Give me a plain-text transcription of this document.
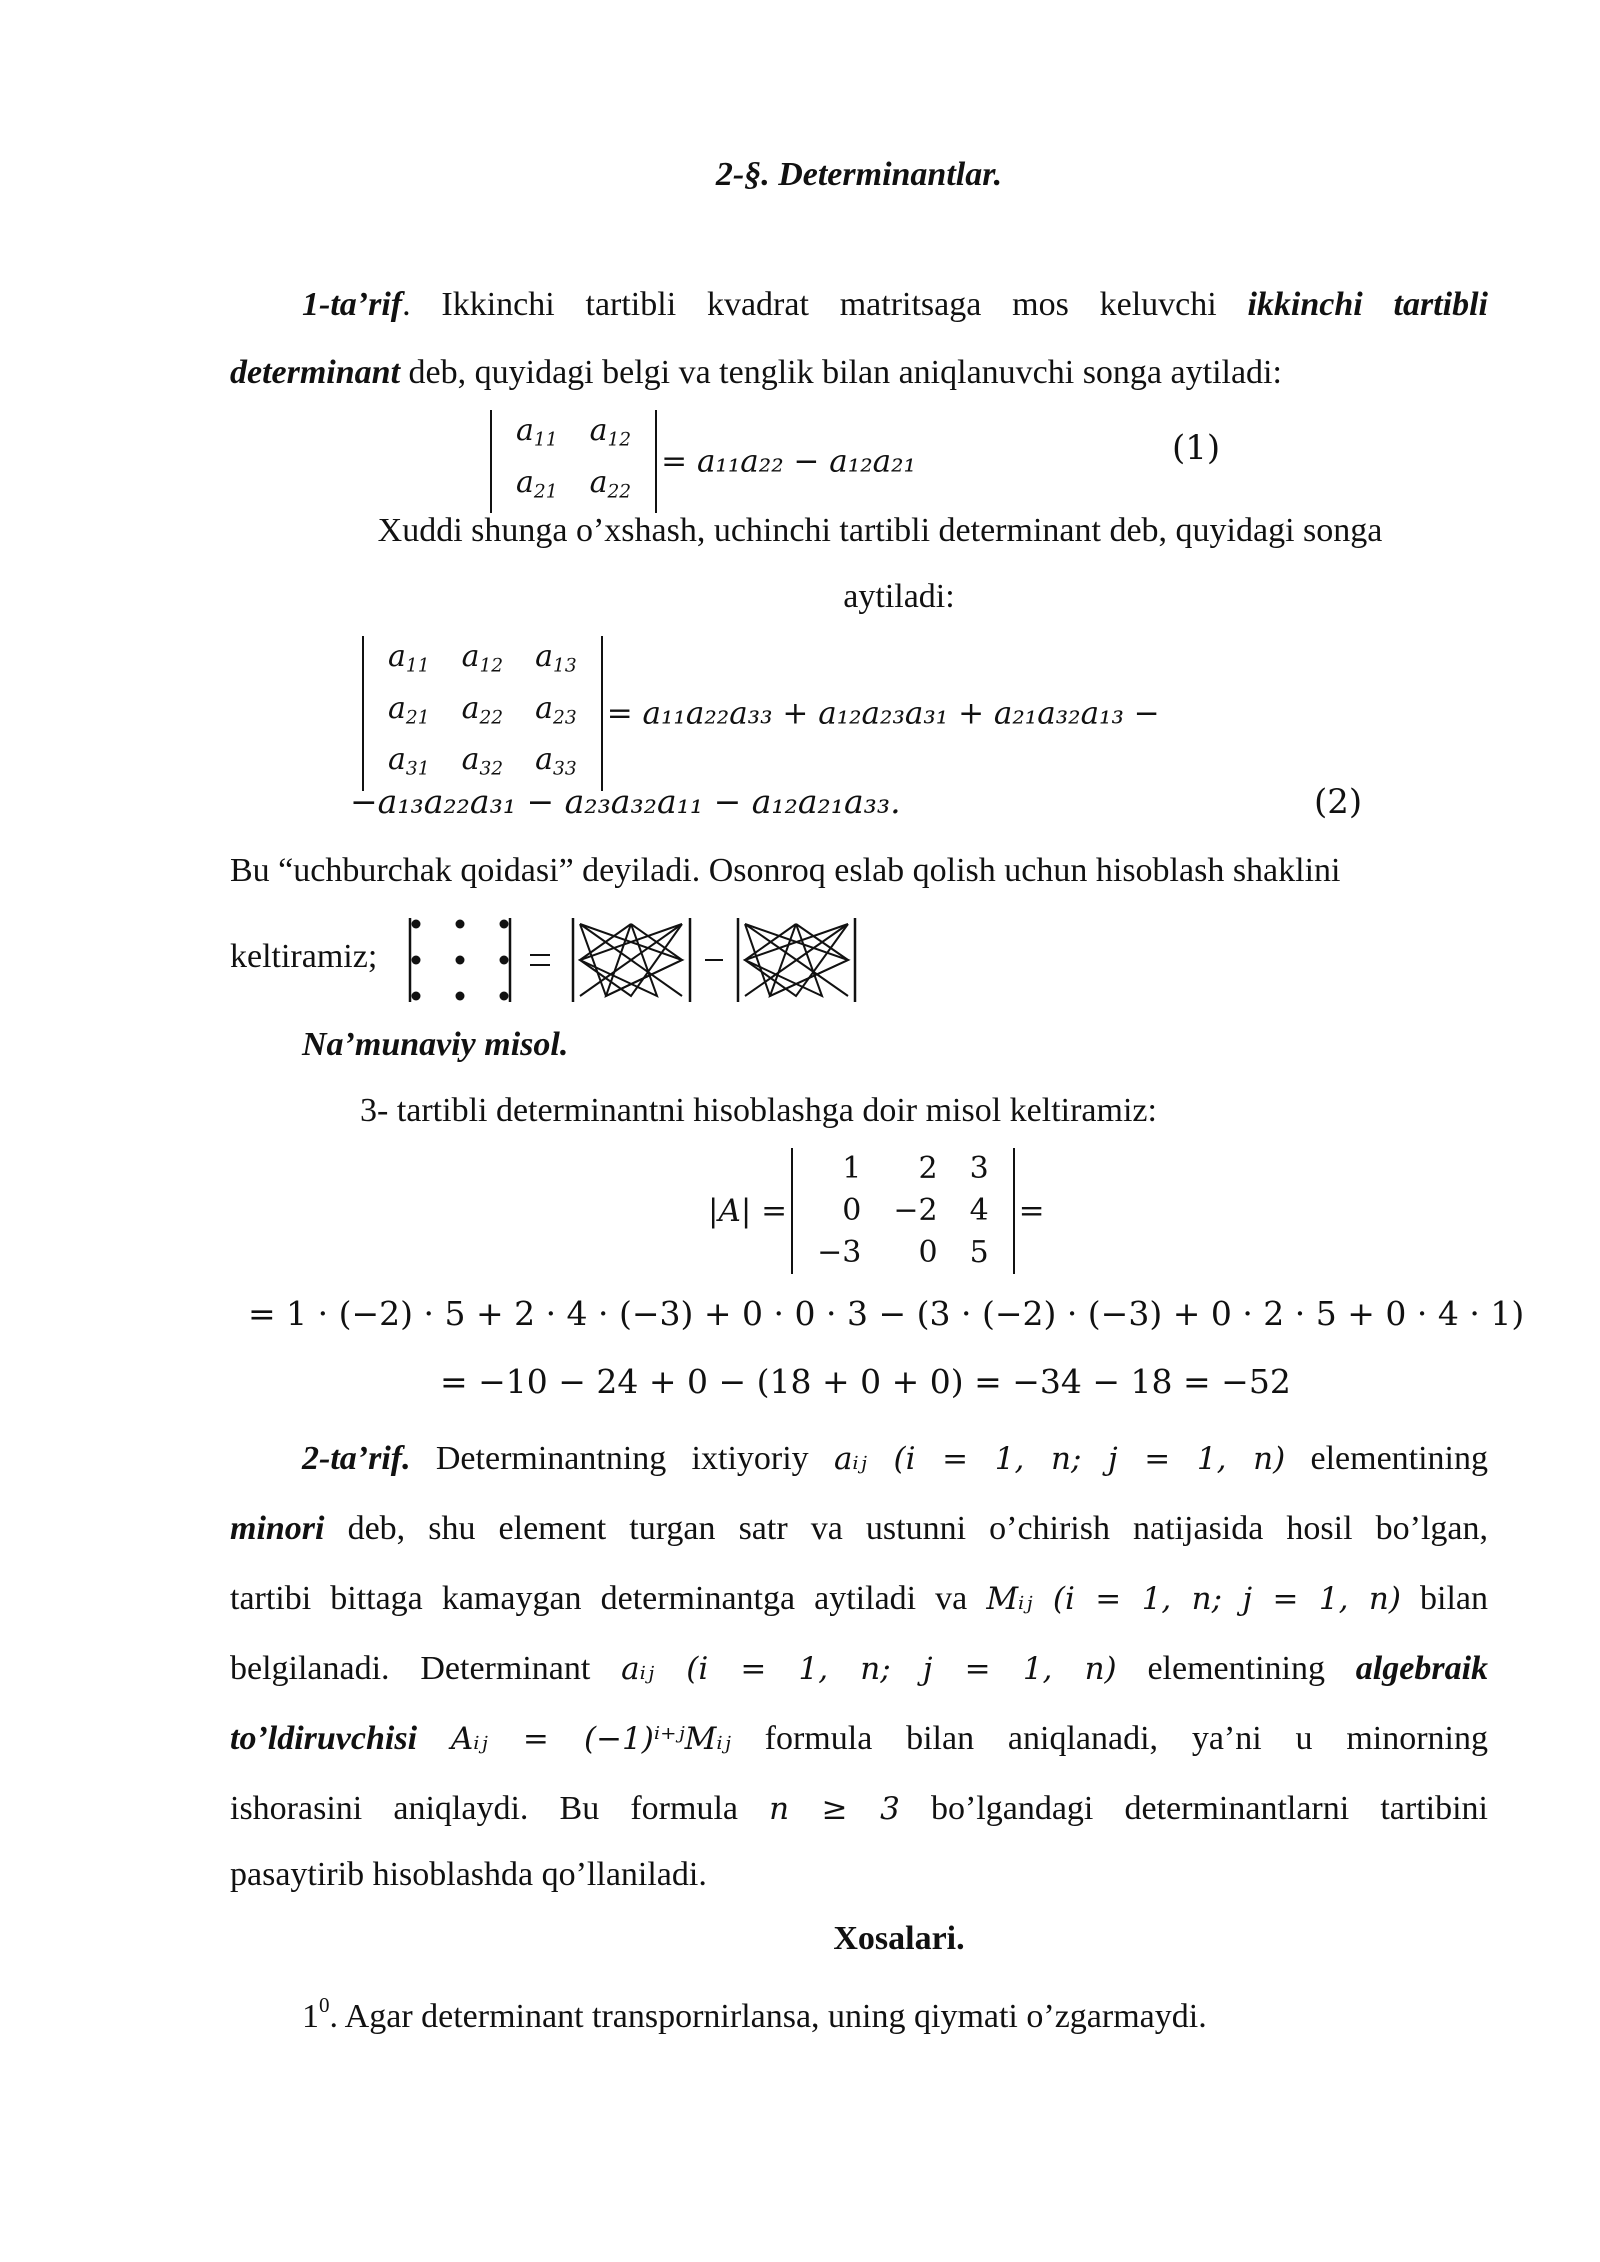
2-§. Determinantlar.
1-ta’rif. Ikkinchi tartibli kvadrat matritsaga mos keluvchi ikkinchi tartibli
determinant deb, quyidagi belgi va tenglik bilan aniqlanuvchi songa aytiladi:
$a_{11}$	$a_{12}$
$a_{21}$	$a_{22}$
= a₁₁a₂₂ − a₁₂a₂₁	(1)
Xuddi shunga o’xshash, uchinchi tartibli determinant deb, quyidagi songa
aytiladi:
$a_{11}$	$a_{12}$	$a_{13}$
$a_{21}$	$a_{22}$	$a_{23}$
$a_{31}$	$a_{32}$	$a_{33}$
= a₁₁a₂₂a₃₃ + a₁₂a₂₃a₃₁ + a₂₁a₃₂a₁₃ −
−a₁₃a₂₂a₃₁ − a₂₃a₃₂a₁₁ − a₁₂a₂₁a₃₃.	(2)
Bu “uchburchak qoidasi” deyiladi. Osonroq eslab qolish uchun hisoblash shaklini
keltiramiz;
Na’munaviy misol.
3- tartibli determinantni hisoblashga doir misol keltiramiz:
|A| =
1	2	3
0	−2	4
−3	0	5
=
= 1 · (−2) · 5 + 2 · 4 · (−3) + 0 · 0 · 3 − (3 · (−2) · (−3) + 0 · 2 · 5 + 0 · 4 · 1)
= −10 − 24 + 0 − (18 + 0 + 0) = −34 − 18 = −52
2-ta’rif. Determinantning ixtiyoriy aᵢⱼ (i = 1, n; j = 1, n) elementining
minori deb, shu element turgan satr va ustunni o’chirish natijasida hosil bo’lgan,
tartibi bittaga kamaygan determinantga aytiladi va Mᵢⱼ (i = 1, n; j = 1, n) bilan
belgilanadi. Determinant aᵢⱼ (i = 1, n; j = 1, n) elementining algebraik
to’ldiruvchisi Aᵢⱼ = (−1)ⁱ⁺ʲMᵢⱼ formula bilan aniqlanadi, ya’ni u minorning
ishorasini aniqlaydi. Bu formula n ≥ 3 bo’lgandagi determinantlarni tartibini
pasaytirib hisoblashda qo’llaniladi.
Xosalari.
$1^0$. Agar determinant transpornirlansa, uning qiymati o’zgarmaydi.
